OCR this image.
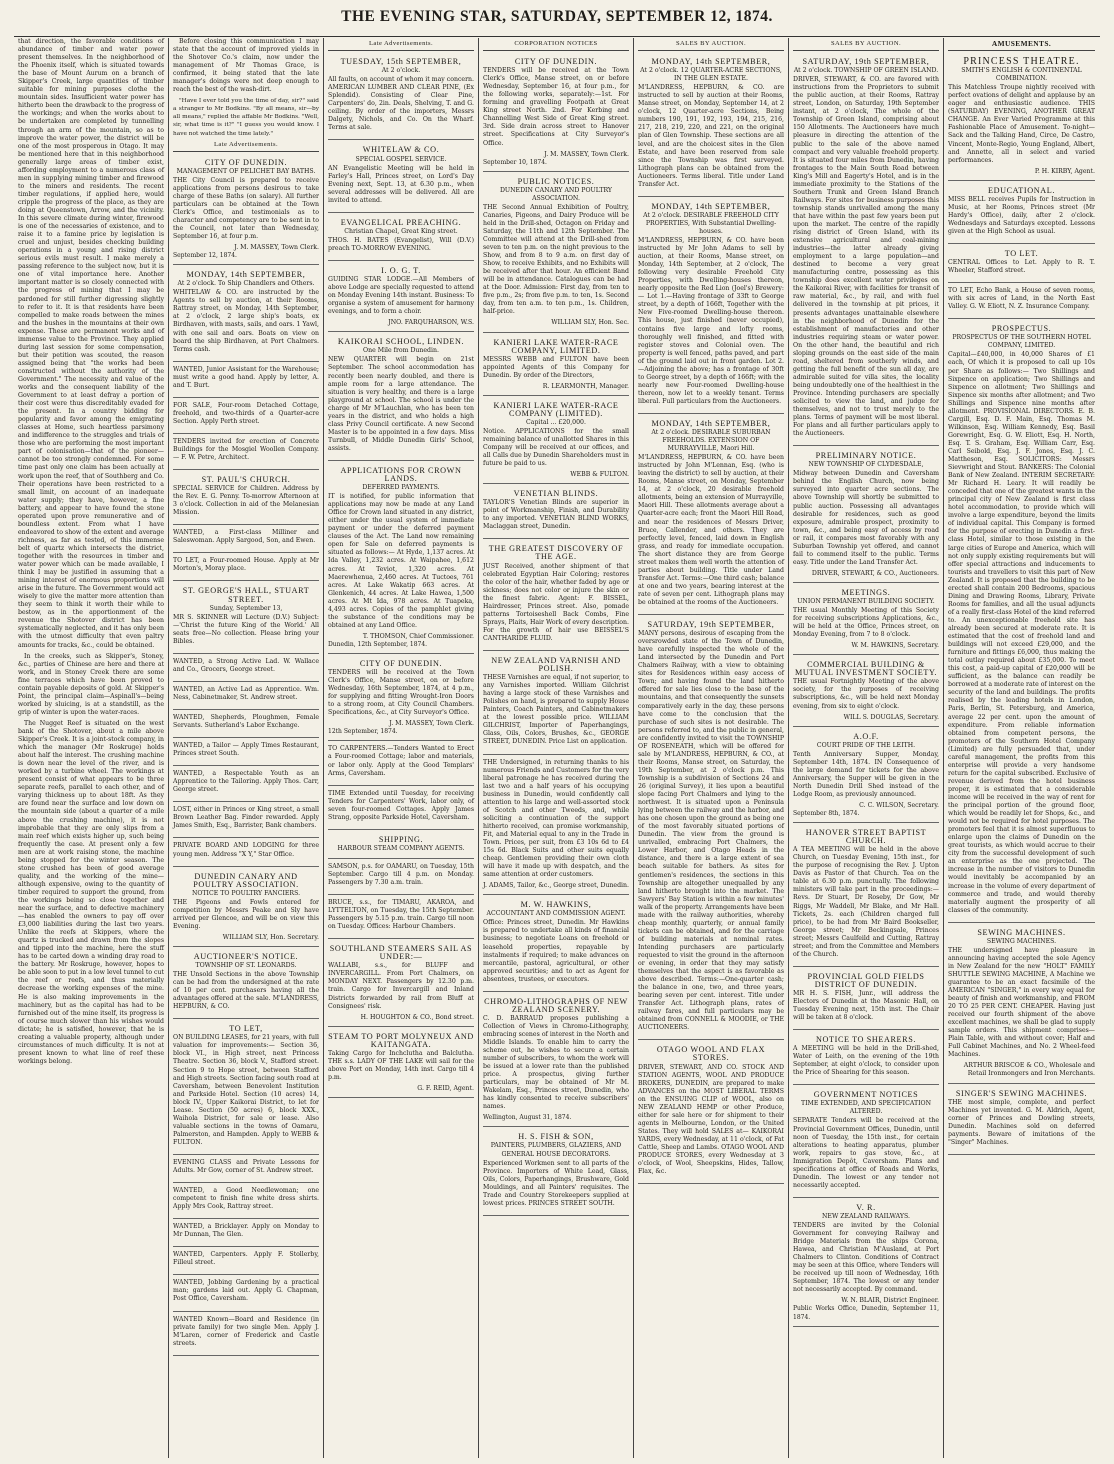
THE EVENING STAR, SATURDAY, SEPTEMBER 12, 1874.

that direction, the favorable conditions of abundance of timber and water power present themselves. In the neighborhood of the Phoenix itself, which is situated towards the base of Mount Aurum on a branch of Skipper's Creek, large quantities of timber suitable for mining purposes clothe the mountain sides. Insufficient water power has hitherto been the drawback to the progress of the workings; and when the works about to be undertaken are completed by tunnelling through an arm of the mountain, so as to improve the water power, the district will be one of the most prosperous in Otago. It may be mentioned here that in this neighborhood generally large areas of timber exist, affording employment to a numerous class of men in supplying mining timber and firewood to the miners and residents. The recent timber regulations, if applied here, would cripple the progress of the place, as they are doing at Queenstown, Arrow, and the vicinity. In this severe climate during winter, firewood is one of the necessaries of existence, and to raise it to a famine price by legislation is cruel and unjust, besides checking building operations in a young and rising district serious evils must result. I make merely a passing reference to the subject now, but it is one of vital importance here. Another important matter is so closely connected with the progress of mining that I may be pardoned for still further digressing slightly to refer to it. It is that residents have been compelled to make roads between the mines and the bushes in the mountains at their own expense. These are permanent works and of immense value to the Province. They applied during last session for some compensation, but their petition was scouted, the reason assigned being that "the works had been constructed without the authority of the Government." The necessity and value of the works and the consequent liability of the Government to at least defray a portion of their cost were thus discreditably evaded for the present. In a country bidding for popularity and favor among the emigrating classes at Home, such heartless parsimony and indifference to the struggles and trials of those who are performing the most important part of colonisation—that of the pioneer—cannot be too strongly condemned. For some time past only one claim has been actually at work upon the reef, that of Southberg and Co. Their operations have been restricted to a small limit, on account of an inadequate water supply; they have, however, a fine battery, and appear to have found the stone operated upon prove remunerative and of boundless extent. From what I have endeavored to show of the extent and average richness, as far as tested, of this immense belt of quartz which intersects the district, together with the resources in timber and water power which can be made available, I think I may be justified in assuming that a mining interest of enormous proportions will arise in the future. The Government would act wisely to give the matter more attention than they seem to think it worth their while to bestow, as in the apportionment of the revenue the Shotover district has been systematically neglected, and it has only been with the utmost difficulty that even paltry amounts for tracks, &c., could be obtained.

In the creeks, such as Skipper's, Stoney, &c., parties of Chinese are here and there at work, and in Stoney Creek there are some fine terraces which have been proved to contain payable deposits of gold. At Skipper's Point, the principal claim—Aspinall's—being worked by sluicing, is at a standstill, as the grip of winter is upon the water-races.

The Nugget Reef is situated on the west bank of the Shotover, about a mile above Skipper's Creek. It is a joint-stock company, in which the manager (Mr Roskruge) holds about half the interest. The crushing machine is down near the level of the river, and is worked by a turbine wheel. The workings at present consist of what appears to be three separate reefs, parallel to each other, and of varying thickness up to about 18ft. As they are found near the surface and low down on the mountain side (about a quarter of a mile above the crushing machine), it is not improbable that they are only slips from a main reef which exists higher up, such being frequently the case. At present only a few men are at work raising stone, the machine being stopped for the winter season. The stone crushed has been of good average quality, and the working of the mine—although expensive, owing to the quantity of timber required to support the ground, from the workings being so close together and near the surface, and to defective machinery—has enabled the owners to pay off over £3,000 liabilities during the last two years. Unlike the reefs at Skippers, where the quartz is trucked and drawn from the slopes and tipped into the machine, here the stuff has to be carted down a winding dray road to the battery. Mr Roskruge, however, hopes to be able soon to put in a low level tunnel to cut the reef or reefs, and thus materially decrease the working expenses of the mine. He is also making improvements in the machinery, but as the capital has had to be furnished out of the mine itself, its progress is of course much slower than his wishes would dictate; he is satisfied, however, that he is creating a valuable property, although under circumstances of much difficulty. It is not at present known to what line of reef these workings belong.

Before closing this communication I may state that the account of improved yields in the Shotover Co.'s claim, now under the management of Mr Thomas Grace, is confirmed, it being stated that the late manager's doings were not deep enough to reach the best of the wash-dirt.

"Have I ever told you the time of day, sir?" said a stranger to Mr Bodkins. "By all means, sir—by all means," replied the affable Mr Bodkins. "Well, sir, what time is it?" "I guess you would know. I have not watched the time lately."

Late Advertisements.
CITY OF DUNEDIN.
MANAGEMENT OF PELICHET BAY BATHS.

THE City Council is prepared to receive applications from persons desirous to take charge of these Baths (on salary). All further particulars can be obtained at the Town Clerk's Office, and testimonials as to character and competency are to be sent in to the Council, not later than Wednesday, September 16, at four p.m.

J. M. MASSEY, Town Clerk.
September 12, 1874.
MONDAY, 14th SEPTEMBER,
At 2 o'clock. To Ship Chandlers and Others.

WHITELAW & CO. are instructed by the Agents to sell by auction, at their Rooms, Rattray street, on Monday, 14th September, at 2 o'clock, 2 large ship's boats, ex Birdhaven, with masts, sails, and oars. 1 Yawl, with one sail and oars. Boats on view on board the ship Birdhaven, at Port Chalmers. Terms cash.

WANTED, Junior Assistant for the Warehouse; must write a good hand. Apply by letter, A. and T. Burt.

FOR SALE, Four-room Detached Cottage, freehold, and two-thirds of a Quarter-acre Section. Apply Perth street.

TENDERS invited for erection of Concrete Buildings for the Mosgiel Woollen Company. — F. W. Petre, Architect.

ST. PAUL'S CHURCH.

SPECIAL SERVICE for Children. Address by the Rev. E. G. Penny. To-morrow Afternoon at 3 o'clock. Collection in aid of the Melanesian Mission.

WANTED, a First-class Milliner and Saleswoman. Apply Sargood, Son, and Ewen.

TO LET, a Four-roomed House. Apply at Mr Morton's, Moray place.

ST. GEORGE'S HALL, STUART STREET.
Sunday, September 13,

MR S. SKINNER will Lecture (D.V.) Subject:—'Christ the future King of the World.' All seats free—No collection. Please bring your Bibles.

WANTED, a Strong Active Lad. W. Wallace and Co., Grocers, George street.

WANTED, an Active Lad as Apprentice. Wm. Ness, Cabinetmaker, St. Andrew street.

WANTED, Shepherds, Ploughmen, Female Servants. Sutherland's Labor Exchange.

WANTED, a Tailor — Apply Times Restaurant, Princes street South.

WANTED, a Respectable Youth as an Apprentice to the Tailoring. Apply Thos. Carr, George street.

LOST, either in Princes or King street, a small Brown Leather Bag. Finder rewarded. Apply James Smith, Esq., Barrister, Bank chambers.

PRIVATE BOARD AND LODGING for three young men. Address "X Y," Star Office.

DUNEDIN CANARY AND POULTRY ASSOCIATION.
NOTICE TO POULTRY FANCIERS.

THE Pigeons and Fowls entered for competition by Messrs Peake and Sly have arrived per Glencoe, and will be on view this Evening.

WILLIAM SLY, Hon. Secretary.
AUCTIONEER'S NOTICE.
TOWNSHIP OF ST. LEONARDS.

THE Unsold Sections in the above Township can be had from the undersigned at the rate of 10 per cent. purchasers having all the advantages offered at the sale. M'LANDRESS, HEPBURN, & CO.

TO LET,

ON BUILDING LEASES, for 21 years, with full valuation for improvements:— Section 36, block VI., in High street, next Princess Theatre. Section 36, block V., Stafford street. Section 9 to Hope street, between Stafford and High streets. Section facing south road at Caversham, between Benevolent Institution and Parkside Hotel. Section (10 acres) 14, block IV., Upper Kaikorai District, to let for Lease. Section (50 acres) 6, block XXX., Waihola District, for sale or lease. Also valuable sections in the towns of Oamaru, Palmerston, and Hampden. Apply to WEBB & FULTON.

EVENING CLASS and Private Lessons for Adults. Mr Gow, corner of St. Andrew street.

WANTED, a Good Needlewoman; one competent to finish fine white dress shirts. Apply Mrs Cook, Rattray street.

WANTED, a Bricklayer. Apply on Monday to Mr Dunnan, The Glen.

WANTED, Carpenters. Apply F. Stollerby, Filleul street.

WANTED, Jobbing Gardening by a practical man; gardens laid out. Apply G. Chapman, Post Office, Caversham.

WANTED Known—Board and Residence (in private family) for two single Men. Apply J. M'Laren, corner of Frederick and Castle streets.

Late Advertisements.
TUESDAY, 15th SEPTEMBER,
At 2 o'clock.

All faults, on account of whom it may concern. AMERICAN LUMBER AND CLEAR PINE, (Ex Splendid). Consisting of Clear Pine, Carpenters' do, 2in. Deals, Shelving, T. and G. ceiling. By order of the importers, Messrs Dalgety, Nichols, and Co. On the Wharf. Terms at sale.

WHITELAW & CO.
SPECIAL GOSPEL SERVICE.

AN Evangelistic Meeting will be held in Farley's Hall, Princes street, on Lord's Day Evening next, Sept. 13, at 6.30 p.m., when several addresses will be delivered. All are invited to attend.

EVANGELICAL PREACHING.
Christian Chapel, Great King street.

THOS. H. BATES (Evangelist), Will (D.V.) preach TO-MORROW EVENING.

I. O. G. T.

GUIDING STAR LODGE.—All Members of above Lodge are specially requested to attend on Monday Evening 14th instant. Business: To organise a system of amusement for harmony evenings, and to form a choir.

JNO. FARQUHARSON, W.S.
KAIKORAI SCHOOL, LINDEN.
One Mile from Dunedin.

NEW QUARTER will begin on 21st September. The school accommodation has recently been nearly doubled, and there is ample room for a large attendance. The situation is very healthy, and there is a large playground at school. The school is under the charge of Mr M'Lauchlan, who has been ten years in the district, and who holds a high class Privy Council certificate. A new Second Master is to be appointed in a few days. Miss Turnbull, of Middle Dunedin Girls' School, assists.

APPLICATIONS FOR CROWN LANDS.
DEFERRED PAYMENTS.

IT is notified, for public information that applications may now be made at any Land Office for Crown land situated in any district, either under the usual system of immediate payment or under the deferred payment clauses of the Act. The Land now remaining open for Sale on deferred payments is situated as follows:— At Hyde, 1,137 acres. At Ida Valley, 1,232 acres. At Waipahee, 1,612 acres. At Teviot, 1,320 acres. At Maerewhenua, 2,460 acres. At Tuctoes, 761 acres. At Lake Wakatip 663 acres. At Glenkenich, 44 acres. At Lake Hawea, 1,500 acres. At Mt Ida, 978 acres. At Tuapeka, 4,493 acres. Copies of the pamphlet giving the substance of the conditions may be obtained at any Land Office.

T. THOMSON, Chief Commissioner.
Dunedin, 12th September, 1874.
CITY OF DUNEDIN.

TENDERS will be received at the Town Clerk's Office, Manse street, on or before Wednesday, 16th September, 1874, at 4 p.m., for supplying and fitting Wrought-Iron Doors to a strong room, at City Council Chambers. Specifications, &c., at City Surveyor's Office.

J. M. MASSEY, Town Clerk.
12th September, 1874.

TO CARPENTERS.—Tenders Wanted to Erect a Four-roomed Cottage; labor and materials, or labor only. Apply at the Good Templars' Arms, Caversham.

TIME Extended until Tuesday, for receiving Tenders for Carpenters' Work, labor only, of seven four-roomed Cottages. Apply James Strang, opposite Parkside Hotel, Caversham.

SHIPPING.
HARBOUR STEAM COMPANY AGENTS.

SAMSON, p.s. for OAMARU, on Tuesday, 15th September. Cargo till 4 p.m. on Monday. Passengers by 7.30 a.m. train.

BRUCE, s.s., for TIMARU, AKAROA, and LYTTELTON, on Tuesday, the 15th September. Passengers by 5.15 p.m. train. Cargo till noon on Tuesday. Offices: Harbour Chambers.

SOUTHLAND STEAMERS SAIL AS UNDER:—

WALLABI, s.s., for BLUFF and INVERCARGILL. From Port Chalmers, on MONDAY NEXT. Passengers by 12.30 p.m. train. Cargo for Invercargill and Inland Districts forwarded by rail from Bluff at Consignees' risk.

H. HOUGHTON & CO., Bond street.
STEAM TO PORT MOLYNEUX AND KAITANGATA.

Taking Cargo for Inchclutha and Balclutha. THE s.s. LADY OF THE LAKE will sail for the above Port on Monday, 14th inst. Cargo till 4 p.m.

G. F. REID, Agent.
CORPORATION NOTICES
CITY OF DUNEDIN.

TENDERS will be received at the Town Clerk's Office, Manse street, on or before Wednesday, September 16, at four p.m., for the following works, separately:—1st. For forming and gravelling Footpath at Great King street North. 2nd. For Kerbing and Channelling West Side of Great King street. 3rd. Side drain across street to Hanover street. Specifications at City Surveyor's Office.

J. M. MASSEY, Town Clerk.
September 10, 1874.
PUBLIC NOTICES.
DUNEDIN CANARY AND POULTRY ASSOCIATION.

THE Second Annual Exhibition of Poultry, Canaries, Pigeons, and Dairy Produce will be held in the Drill-shed, Octagon on Friday and Saturday, the 11th and 12th September. The Committee will attend at the Drill-shed from seven to ten p.m. on the night previous to the Show, and from 8 to 9 a.m. on first day of Show, to receive Exhibits, and no Exhibits will be received after that hour. An efficient Band will be in attendance. Catalogues can be had at the Door. Admission: First day, from ten to five p.m., 2s; from five p.m. to ten, 1s. Second day, from ten a.m. to ten p.m., 1s. Children, half-price.

WILLIAM SLY, Hon. Sec.
KANIERI LAKE WATER-RACE COMPANY, LIMITED.

MESSRS WEBB and FULTON have been appointed Agents of this Company for Dunedin. By order of the Directors,

R. LEARMONTH, Manager.
KANIERI LAKE WATER-RACE COMPANY (LIMITED).
Capital ... £20,000.

Notice. APPLICATIONS for the small remaining balance of unallotted Shares in this Company will be received at our offices, and all Calls due by Dunedin Shareholders must in future be paid to us.

WEBB & FULTON.
VENETIAN BLINDS.

TAYLOR'S Venetian Blinds are superior in point of Workmanship, Finish, and Durability to any imported. VENETIAN BLIND WORKS, Maclaggan street, Dunedin.

THE GREATEST DISCOVERY OF THE AGE.

JUST Received, another shipment of that celebrated Egyptian Hair Coloring; restores the color of the hair, whether faded by age or sickness; does not color or injure the skin or the finest fabric. Agent: F. BISSEL, Hairdresser, Princes street. Also, pomade patterns Tortoiseshell Back Combs, Fine Sprays, Plaits, Hair Work of every description. For the growth of hair use BEISSEL'S CANTHARIDE FLUID.

NEW ZEALAND VARNISH AND POLISH.

THESE Varnishes are equal, if not superior, to any Varnishes imported. William Gilchrist having a large stock of these Varnishes and Polishes on hand, is prepared to supply House Painters, Coach Painters, and Cabinetmakers at the lowest possible price. WILLIAM GILCHRIST, Importer of Paperhangings, Glass, Oils, Colors, Brushes, &c., GEORGE STREET, DUNEDIN. Price List on application.

THE Undersigned, in returning thanks to his numerous Friends and Customers for the very liberal patronage he has received during the last two and a half years of his occupying business in Dunedin, would confidently call attention to his large and well-assorted stock of Scotch and other Tweeds, and, while soliciting a continuation of the support hitherto received, can promise workmanship, Fit, and Material equal to any in the Trade in Town. Prices, per suit, from £3 10s 6d to £4 15s 6d. Black Suits and other suits equally cheap. Gentlemen providing their own cloth will have it made up with despatch, and the same attention at order customers.

J. ADAMS, Tailor, &c., George street, Dunedin.
M. W. HAWKINS,
ACCOUNTANT AND COMMISSION AGENT.

Office: Princes street, Dunedin. Mr Hawkins is prepared to undertake all kinds of financial business; to negotiate Loans on freehold or leasehold properties, repayable by instalments if required; to make advances on mercantile, pastoral, agricultural, or other approved securities; and to act as Agent for absentees, trustees, or executors.

CHROMO-LITHOGRAPHS OF NEW ZEALAND SCENERY.

C. D. BARRAUD proposes publishing a Collection of Views in Chromo-Lithography, embracing scenes of interest in the North and Middle Islands. To enable him to carry the scheme out, he wishes to secure a certain number of subscribers, to whom the work will be issued at a lower rate than the published price. A prospectus, giving further particulars, may be obtained of Mr M. Wakelam, Esq., Princes street, Dunedin, who has kindly consented to receive subscribers' names.

Wellington, August 31, 1874.
H. S. FISH & SON,
PAINTERS, PLUMBERS, GLAZIERS, AND GENERAL HOUSE DECORATORS.

Experienced Workmen sent to all parts of the Province. Importers of White Lead, Glass, Oils, Colors, Paperhangings, Brushware, Gold Mouldings, and all Painters' requisites. The Trade and Country Storekeepers supplied at lowest prices. PRINCES STREET SOUTH.

SALES BY AUCTION.
MONDAY, 14th SEPTEMBER,
At 2 o'clock. 12 QUARTER-ACRE SECTIONS, IN THE GLEN ESTATE.

M'LANDRESS, HEPBURN, & CO. are instructed to sell by auction at their Rooms, Manse street, on Monday, September 14, at 2 o'clock, 12 Quarter-acre Sections, Being numbers 190, 191, 192, 193, 194, 215, 216, 217, 218, 219, 220, and 221, on the original plan of Glen Township. These sections are all level, and are the choicest sites in the Glen Estate, and have been reserved from sale since the Township was first surveyed. Lithograph plans can be obtained from the Auctioneers. Terms liberal. Title under Land Transfer Act.

MONDAY, 14th SEPTEMBER,
At 2 o'clock. DESIRABLE FREEHOLD CITY PROPERTIES, With Substantial Dwelling-houses.

M'LANDRESS, HEPBURN, & CO. have been instructed by Mr John Adams to sell by auction, at their Rooms, Manse street, on Monday, 14th September, at 2 o'clock, The following very desirable Freehold City Properties, with Dwelling-houses thereon, nearly opposite the Red Lion (Joel's) Brewery:— Lot 1.—Having frontage of 33ft to George street, by a depth of 166ft, Together with the New Five-roomed Dwelling-house thereon. This house, just finished (never occupied), contains five large and lofty rooms, thoroughly well finished, and fitted with register stoves and Colonial oven. The property is well fenced, paths paved, and part of the ground laid out in front garden. Lot 2.—Adjoining the above; has a frontage of 30ft to George street, by a depth of 166ft; with the nearly new Four-roomed Dwelling-house thereon, now let to a weekly tenant. Terms liberal. Full particulars from the Auctioneers.

MONDAY, 14th SEPTEMBER,
At 2 o'clock. DESIRABLE SUBURBAN FREEHOLDS. EXTENSION OF MURRAYVILLE, Maori Hill.

M'LANDRESS, HEPBURN, & CO. have been instructed by John M'Lennan, Esq. (who is leaving the district) to sell by auction, at their Rooms, Manse street, on Monday, September 14, at 2 o'clock, 20 desirable freehold allotments, being an extension of Murrayville, Maori Hill. These allotments average about a Quarter-acre each; front the Maori Hill Road, and near the residences of Messrs Driver, Bruce, Callender, and others. They are perfectly level, fenced, laid down in English grass, and ready for immediate occupation. The short distance they are from George street makes them well worth the attention of parties about building. Title under Land Transfer Act. Terms:—One third cash; balance at one and two years, bearing interest at the rate of seven per cent. Lithograph plans may be obtained at the rooms of the Auctioneers.

SATURDAY, 19th SEPTEMBER,

MANY persons, desirous of escaping from the oversrowded state of the Town of Dunedin, have carefully inspected the whole of the Land intersected by the Dunedin and Port Chalmers Railway, with a view to obtaining sites for Residences within easy access of Town; and having found the land hitherto offered for sale lies close to the base of the mountains, and that consequently the sunsets comparatively early in the day, these persons have come to the conclusion that the purchase of such sites is not desirable. The persons referred to, and the public in general, are confidently invited to visit the TOWNSHIP OF ROSENEATH, which will be offered for sale by M'LANDRESS, HEPBURN, & CO., at their Rooms, Manse street, on Saturday, the 19th September, at 2 o'clock p.m. This Township is a subdivision of Sections 24 and 26 (original Survey), it lies upon a beautiful slope facing Port Chalmers and lying to the northwest. It is situated upon a Peninsula lying between the railway and the harbor, and has one chosen upon the ground as being one of the most favorably situated portions of Dunedin. The view from the ground is unrivalled, embracing Port Chalmers, the Lower Harbor, and Otago Heads in the distance, and there is a large extent of sea beach suitable for bathers. As sites for gentlemen's residences, the sections in this Township are altogether unequalled by any land hitherto brought into the market. The Sawyers' Bay Station is within a few minutes' walk of the property. Arrangements have been made with the railway authorities, whereby cheap monthly, quarterly, or annual family tickets can be obtained, and for the carriage of building materials at nominal rates. Intending purchasers are particularly requested to visit the ground in the afternoon or evening, in order that they may satisfy themselves that the aspect is as favorable as above described. Terms:—One-quarter cash; the balance in one, two, and three years, bearing seven per cent. interest. Title under Transfer Act. Lithograph plans, rates of railway fares, and full particulars may be obtained from CONNELL & MOODIE, or THE AUCTIONEERS.

OTAGO WOOL AND FLAX STORES.

DRIVER, STEWART, AND CO. STOCK AND STATION AGENTS, WOOL AND PRODUCE BROKERS, DUNEDIN, are prepared to make ADVANCES on the MOST LIBERAL TERMS on the ENSUING CLIP of WOOL, also on NEW ZEALAND HEMP or other Produce, either for sale here or for shipment to their agents in Melbourne, London, or the United States. They will hold SALES at— KAIKORAI YARDS, every Wednesday, at 11 o'clock, of Fat Cattle, Sheep and Lambs. OTAGO WOOL AND PRODUCE STORES, every Wednesday at 3 o'clock, of Wool, Sheepskins, Hides, Tallow, Flax, &c.

SALES BY AUCTION.
SATURDAY, 19th SEPTEMBER,
At 2 o'clock. TOWNSHIP OF GREEN ISLAND.

DRIVER, STEWART, & CO. are favored with instructions from the Proprietors to submit the public auction, at their Rooms, Rattray street, London, on Saturday, 19th September instant, at 2 o'clock, The whole of the Township of Green Island, comprising about 150 Allotments. The Auctioneers have much pleasure in directing the attention of the public to the sale of the above named compact and very valuable freehold property. It is situated four miles from Dunedin, having frontages to the Main South Road between King's Mill and Eagerty's Hotel, and is in the immediate proximity to the Stations of the Southern Trunk and Green Island Branch Railways. For sites for business purposes this township stands unrivalled among the many that have within the past few years been put upon the market. The centre of the rapidly rising district of Green Island, with its extensive agricultural and coal-mining industries—the latter already giving employment to a large population—and destined to become a very great manufacturing centre, possessing as this township does excellent water privileges on the Kaikorai River, with facilities for transit of raw material, &c., by rail, and with fuel delivered in the township at pit prices, it presents advantages unattainable elsewhere in the neighborhood of Dunedin for the establishment of manufactories and other industries requiring steam or water power. On the other hand, the beautiful and rich sloping grounds on the east side of the main road, sheltered from southerly winds, and getting the full benefit of the sun all day, are admirable suited for villa sites, the locality being undoubtedly one of the healthiest in the Province. Intending purchasers are specially solicited to view the land, and judge for themselves, and not to trust merely to the plans. Terms of payment will be most liberal. For plans and all further particulars apply to the Auctioneers.

PRELIMINARY NOTICE.
NEW TOWNSHIP OF CLYDESDALE,

Midway between Dunedin and Caversham behind the English Church, now being surveyed into quarter acre sections. The above Township will shortly be submitted to public auction. Possessing all advantages desirable for residences, such as good exposure, admirable prospect, proximity to town, &c., and being easy of access by road or rail, it compares most favorably with any Suburban Township yet offered, and cannot fail to commend itself to the public. Terms easy. Title under the Land Transfer Act.

DRIVER, STEWART, & CO., Auctioneers.
MEETINGS.
UNION PERMANENT BUILDING SOCIETY.

THE usual Monthly Meeting of this Society for receiving subscriptions Applications, &c., will be held at the Office, Princes street, on Monday Evening, from 7 to 8 o'clock.

W. M. HAWKINS, Secretary.
COMMERCIAL BUILDING & MUTUAL INVESTMENT SOCIETY.

THE usual Fortnightly Meeting of the above society, for the purposes of receiving subscriptions, &c., will be held next Monday evening, from six to eight o'clock.

WILL S. DOUGLAS, Secretary.
A.O.F.
COURT PRIDE OF THE LEITH.

Tenth Anniversary Supper, Monday, September 14th, 1874. IN Consequence of the large demand for tickets for the above Anniversary, the Supper will be given in the North Dunedin Drill Shed instead of the Lodge Room, as previously announced.

C. C. WILSON, Secretary.
September 8th, 1874.
HANOVER STREET BAPTIST CHURCH.

A TEA MEETING will be held in the above Church, on Tuesday Evening, 15th inst., for the purpose of recognising the Rev. J. Upton Davis as Pastor of that Church. Tea on the table at 6.30 p.m. punctually. The following ministers will take part in the proceedings:—Revs. Dr Stuart, Dr Roseby, Dr Gow, Mr Riggs, Mr Waddell, Mr Blake, and Mr Hall. Tickets, 2s. each (Children charged full price), to be had from Mr Baird Bookseller, George street; Mr Beckingsale, Princes street; Messrs Caulfeild and Cutting, Rattray street; and from the Committee and Members of the Church.

PROVINCIAL GOLD FIELDS DISTRICT OF DUNEDIN.

MR H. S. FISH, Junr., will address the Electors of Dunedin at the Masonic Hall, on Tuesday Evening next, 15th inst. The Chair will be taken at 8 o'clock.

NOTICE TO SHEARERS.

A MEETING will be held in the Drill-shed, Water of Leith, on the evening of the 19th September, at eight o'clock, to consider upon the Price of Shearing for this season.

GOVERNMENT NOTICES
TIME EXTENDED, AND SPECIFICATION ALTERED.

SEPARATE Tenders will be received at the Provincial Government Offices, Dunedin, until noon of Tuesday, the 15th inst., for certain alterations to heating apparatus, plumber work, repairs to gas stove, &c., at Immigration Depôt, Caversham. Plans and specifications at office of Roads and Works, Dunedin. The lowest or any tender not necessarily accepted.

V. R.
NEW ZEALAND RAILWAYS.

TENDERS are invited by the Colonial Government for conveying Railway and Bridge Materials from the ships Corona, Hawea, and Christian M'Ausland, at Port Chalmers to Clinton. Conditions of Contract may be seen at this Office, where Tenders will be received up till noon of Wednesday, 16th September, 1874. The lowest or any tender not necessarily accepted. By command.

W. N. BLAIR, District Engineer.
Public Works Office, Dunedin, September 11, 1874.
AMUSEMENTS.
PRINCESS THEATRE.
SMITH'S ENGLISH & CONTINENTAL COMBINATION.

This Matchless Troupe nightly received with perfect ovations of delight and applause by an eager and enthusiastic audience. THIS (SATURDAY) EVENING, ANOTHER GREAT CHANGE. An Ever Varied Programme at this Fashionable Place of Amusement. To-night—Sack and the Talking Hand, Circe, De Castro, Vincent, Monte-Regio, Young England, Albert, and Annette, all in select and varied performances.

P. H. KIRBY, Agent.
EDUCATIONAL.

MISS BELL receives Pupils for Instruction in Music, at her Rooms, Princes street (Mr Hardy's Office), daily, after 2 o'clock. Wednesdays and Saturdays excepted. Lessons given at the High School as usual.

TO LET.

CENTRAL Offices to Let. Apply to R. T. Wheeler, Stafford street.

TO LET, Echo Bank, a House of seven rooms, with six acres of Land, in the North East Valley. G. W. Eliott, N. Z. Insurance Company.

PROSPECTUS.
PROSPECTUS OF THE SOUTHERN HOTEL COMPANY, LIMITED.

Capital—£40,000, in 40,000 Shares of £1 each, Of which it is proposed to call up 10s per Share as follows:— Two Shillings and Sixpence on application; Two Shillings and Sixpence on allotment; Two Shillings and Sixpence six months after allotment; and Two Shillings and Sixpence nine months after allotment. PROVISIONAL DIRECTORS. E. B. Cargill, Esq. D. F. Main, Esq. Thomas M. Wilkinson, Esq. William Kennedy, Esq. Basil Gorewright, Esq. G. W. Eliott, Esq. H. North, Esq. T. S. Graham, Esq. William Carr, Esq. Carl Seibold, Esq. J. F. Jones, Esq. J. C. Mattheson, Esq. SOLICITORS: Messrs Sievwright and Stout. BANKERS: The Colonial Bank of New Zealand. INTERIM SECRETARY: Mr Richard H. Leary. It will readily be conceded that one of the greatest wants in the principal city of New Zealand is first class hotel accommodation, to provide which will involve a large expenditure, beyond the limits of individual capital. This Company is formed for the purpose of erecting in Dunedin a first-class Hotel, similar to those existing in the large cities of Europe and America, which will not only supply existing requirements but will offer special attractions and inducements to tourists and travellers to visit this part of New Zealand. It is proposed that the building to be erected shall contain 200 Bedrooms, spacious Dining and Drawing Rooms, Library, Private Rooms for families, and all the usual adjuncts of a really first-class Hotel of the kind referred to. An unexceptionable freehold site has already been secured at moderate rate. It is estimated that the cost of freehold land and buildings will not exceed £29,000, and the furniture and fittings £6,000, thus making the total outlay required about £35,000. To meet this cost, a paid-up capital of £20,000 will be sufficient, as the balance can readily be borrowed at a moderate rate of interest on the security of the land and buildings. The profits realised by the leading hotels in London, Paris, Berlin, St. Petersburg, and America, average 22 per cent. upon the amount of expenditure. From reliable information obtained from competent persons, the promoters of the Southern Hotel Company (Limited) are fully persuaded that, under careful management, the profits from this enterprise will provide a very handsome return for the capital subscribed. Exclusive of revenue derived from the hotel business proper, it is estimated that a considerable income will be received in the way of rent for the principal portion of the ground floor, which would be readily let for Shops, &c., and would not be required for hotel purposes. The promoters feel that it is almost superfluous to enlarge upon the claims of Dunedin on the great tourists, as which would accrue to their city from the successful development of such an enterprise as the one projected. The increase in the number of visitors to Dunedin would inevitably be accompanied by an increase in the volume of every department of commerce and trade, and would thereby materially augment the prosperity of all classes of the community.

SEWING MACHINES.
SEWING MACHINES.

THE undersigned have pleasure in announcing having accepted the sole Agency in New Zealand for the new "HOLT" FAMILY SHUTTLE SEWING MACHINE, A Machine we guarantee to be an exact facsimile of the AMERICAN "SINGER," in every way equal for beauty of finish and workmanship, and FROM 20 TO 25 PER CENT. CHEAPER. Having just received our fourth shipment of the above excellent machines, we shall be glad to supply sample orders. This shipment comprises—Plain Table, with and without cover; Half and Full Cabinet Machines, and No. 2 Wheel-feed Machines.

ARTHUR BRISCOE & CO., Wholesale and Retail Ironmongers and Iron Merchants.
SINGER'S SEWING MACHINES.

THE most simple, complete, and perfect Machines yet invented. G. M. Aldrich, Agent, corner of Princes and Dowling streets, Dunedin. Machines sold on deferred payments. Beware of imitations of the "Singer" Machines.
